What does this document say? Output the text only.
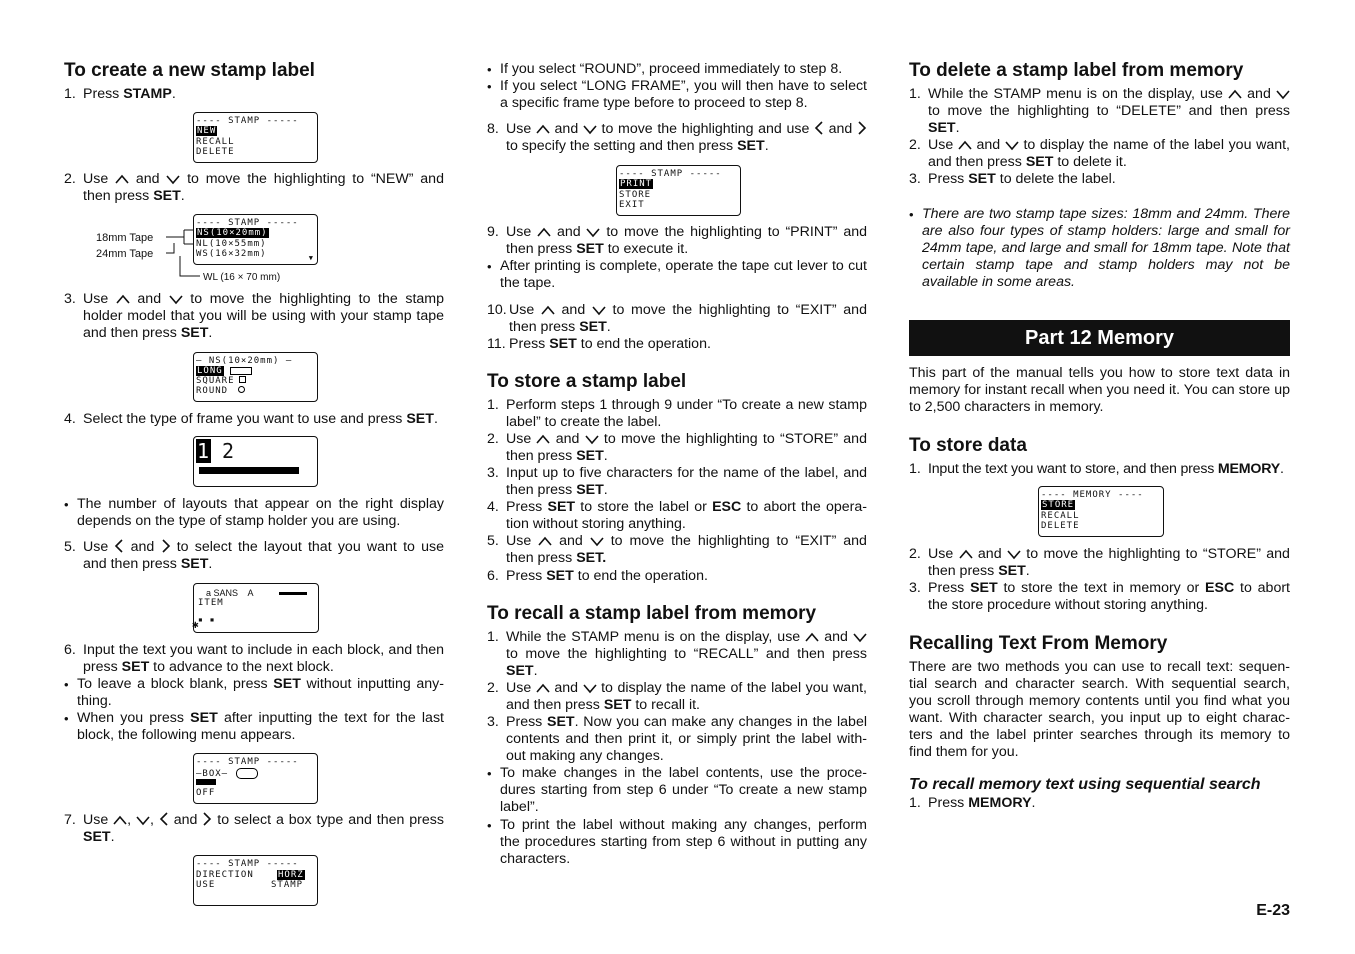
To create a new stamp label
1. Press STAMP.
---- STAMP -----
NEW
RECALL
DELETE
2. Use and to move the highlighting to “NEW” and then press SET.
---- STAMP -----
NS(10×20mm)
NL(10×55mm)
WS(16×32mm)	▼
18mm Tape
24mm Tape
WL (16 × 70 mm)
3. Use and to move the highlighting to the stamp holder model that you will be using with your stamp tape and then press SET.
— NS(10×20mm) —
LONG
SQUARE
ROUND
4. Select the type of frame you want to use and press SET.
1 2
• The number of layouts that appear on the right display depends on the type of stamp holder you are using.
5. Use and to select the layout that you want to use and then press SET.
a SANS    A
ITEM
▪ ▪
✱
6. Input the text you want to include in each block, and then press SET to advance to the next block.
• To leave a block blank, press SET without inputting any-thing.
• When you press SET after inputting the text for the last block, the following menu appears.
---- STAMP -----
—BOX—
OFF
7. Use , , and to select a box type and then press SET.
---- STAMP -----
DIRECTION	HORZ
USE	STAMP
• If you select “ROUND”, proceed immediately to step 8.
• If you select “LONG FRAME”, you will then have to select a specific frame type before to proceed to step 8.
8. Use and to move the highlighting and use and  to specify the setting and then press SET.
---- STAMP -----
PRINT
STORE
EXIT
9. Use and to move the highlighting to “PRINT” and then press SET to execute it.
• After printing is complete, operate the tape cut lever to cut the tape.
10. Use and to move the highlighting to “EXIT” and then press SET.
11. Press SET to end the operation.
To store a stamp label
1. Perform steps 1 through 9 under “To create a new stamp label” to create the label.
2. Use and to move the highlighting to “STORE” and then press SET.
3. Input up to five characters for the name of the label, and then press SET.
4. Press SET to store the label or ESC to abort the opera-tion without storing anything.
5. Use and to move the highlighting to “EXIT” and then press SET.
6. Press SET to end the operation.
To recall a stamp label from memory
1. While the STAMP menu is on the display, use and  to move the highlighting to “RECALL” and then press SET.
2. Use and to display the name of the label you want, and then press SET to recall it.
3. Press SET. Now you can make any changes in the label contents and then print it, or simply print the label with-out making any changes.
• To make changes in the label contents, use the proce-dures starting from step 6 under “To create a new stamp label”.
• To print the label without making any changes, perform the procedures starting from step 6 without in putting any characters.
To delete a stamp label from memory
1. While the STAMP menu is on the display, use and  to move the highlighting to “DELETE” and then press SET.
2. Use and to display the name of the label you want, and then press SET to delete it.
3. Press SET to delete the label.
• There are two stamp tape sizes: 18mm and 24mm. There are also four types of stamp holders: large and small for 24mm tape, and large and small for 18mm tape. Note that certain stamp tape and stamp holders may not be available in some areas.
Part 12 Memory
This part of the manual tells you how to store text data in memory for instant recall when you need it. You can store up to 2,500 characters in memory.
To store data
1. Input the text you want to store, and then press MEMORY.
---- MEMORY ----
STORE
RECALL
DELETE
2. Use and to move the highlighting to “STORE” and then press SET.
3. Press SET to store the text in memory or ESC to abort the store procedure without storing anything.
Recalling Text From Memory
There are two methods you can use to recall text: sequen-tial search and character search. With sequential search, you scroll through memory contents until you find what you want. With character search, you input up to eight charac-ters and the label printer searches through its memory to find them for you.
To recall memory text using sequential search
1. Press MEMORY.
E-23
